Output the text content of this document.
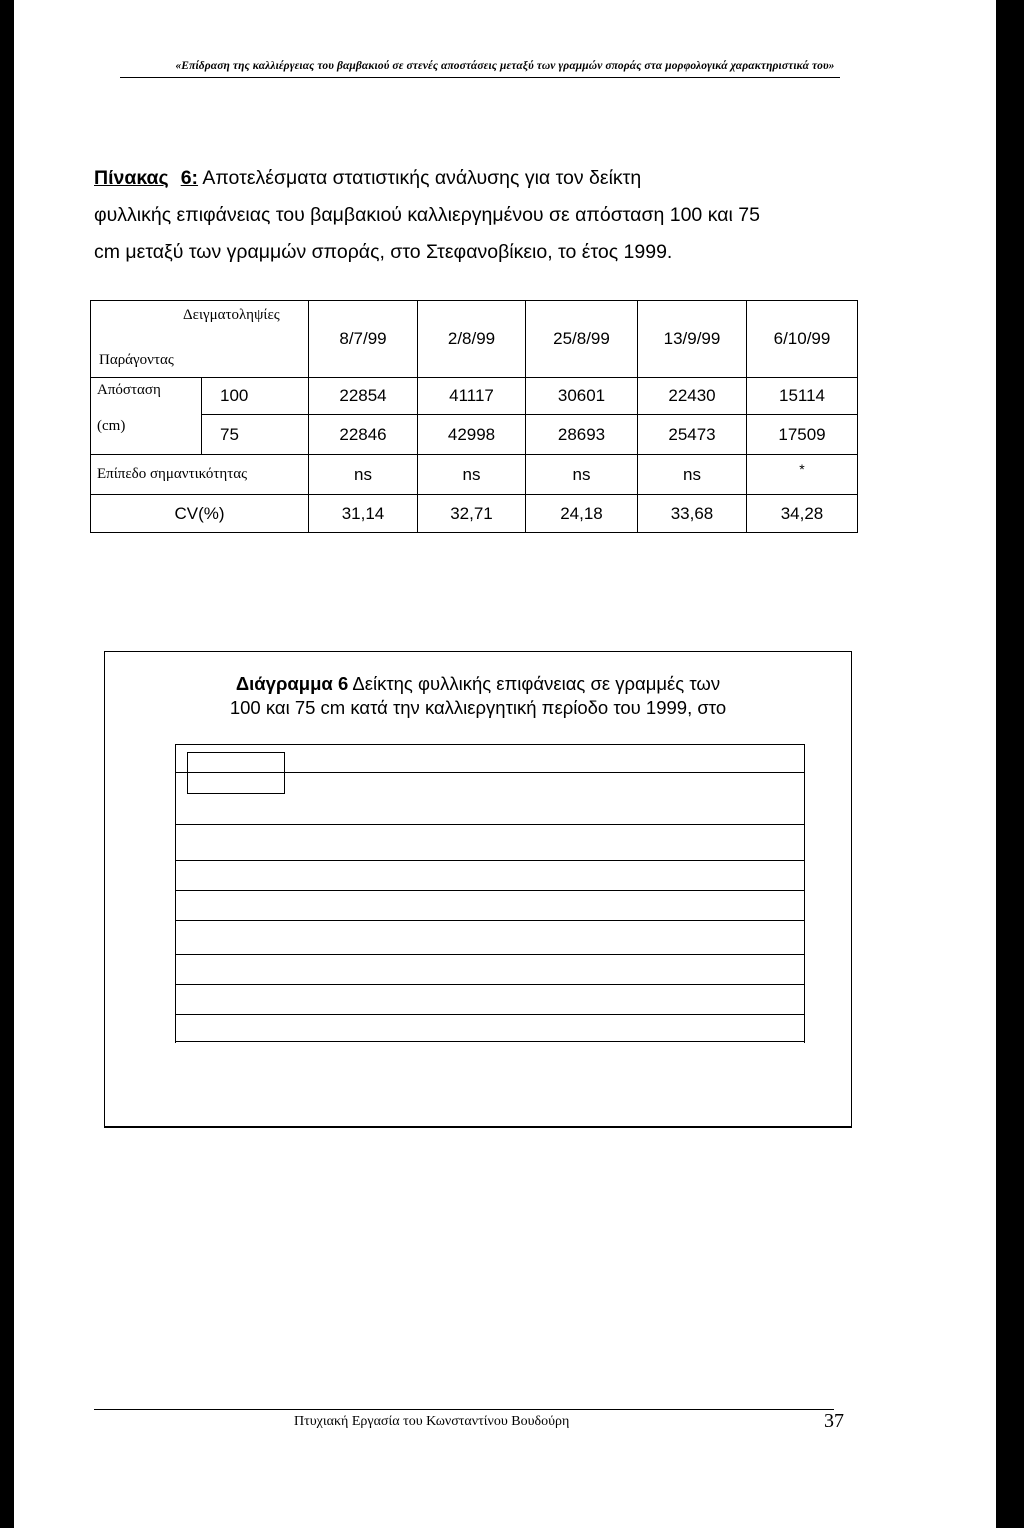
«Επίδραση της καλλιέργειας του βαμβακιού σε στενές αποστάσεις μεταξύ των γραμμών σποράς στα μορφολογικά χαρακτηριστικά του»
Πίνακας 6: Αποτελέσματα στατιστικής ανάλυσης για τον δείκτη
φυλλικής επιφάνειας του βαμβακιού καλλιεργημένου σε απόσταση 100 και 75
cm μεταξύ των γραμμών σποράς, στο Στεφανοβίκειο, το έτος 1999.
Δειγματοληψίες
Παράγοντας		8/7/99	2/8/99	25/8/99	13/9/99	6/10/99

Απόσταση
(cm)	100	22854	41117	30601	22430	15114
	75	22846	42998	28693	25473	17509
Επίπεδο σημαντικότητας		ns	ns	ns	ns	*
CV(%)		31,14	32,71	24,18	33,68	34,28
Διάγραμμα 6 Δείκτης φυλλικής επιφάνειας σε γραμμές των
100 και 75 cm κατά την καλλιεργητική περίοδο του 1999, στο
Πτυχιακή Εργασία του Κωνσταντίνου Βουδούρη	37
